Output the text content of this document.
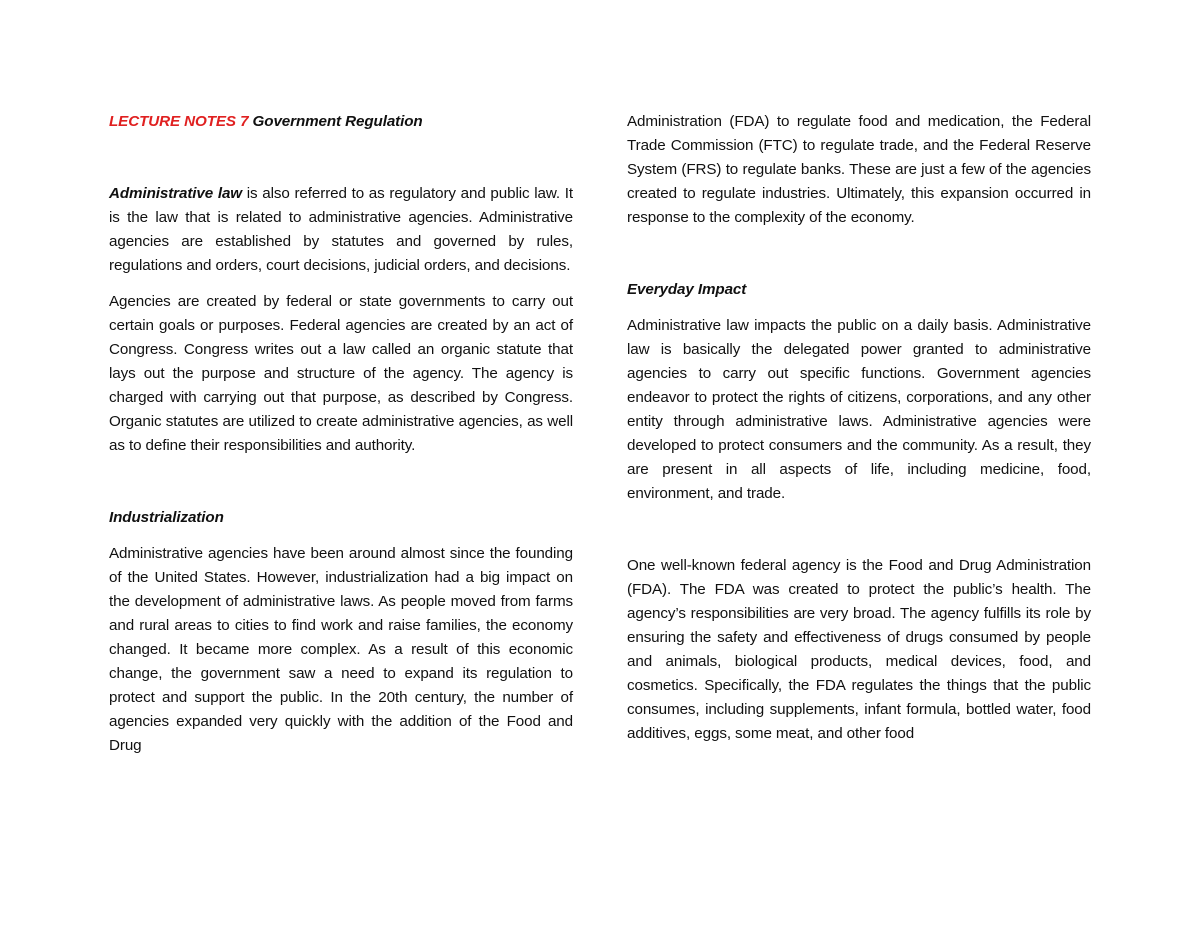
LECTURE NOTES 7 Government Regulation

Administrative law is also referred to as regulatory and public law. It is the law that is related to administrative agencies. Administrative agencies are established by statutes and governed by rules, regulations and orders, court decisions, judicial orders, and decisions.

Agencies are created by federal or state governments to carry out certain goals or purposes. Federal agencies are created by an act of Congress. Congress writes out a law called an organic statute that lays out the purpose and structure of the agency. The agency is charged with carrying out that purpose, as described by Congress. Organic statutes are utilized to create administrative agencies, as well as to define their responsibilities and authority.

Industrialization

Administrative agencies have been around almost since the founding of the United States. However, industrialization had a big impact on the development of administrative laws. As people moved from farms and rural areas to cities to find work and raise families, the economy changed. It became more complex. As a result of this economic change, the government saw a need to expand its regulation to protect and support the public. In the 20th century, the number of agencies expanded very quickly with the addition of the Food and Drug

Administration (FDA) to regulate food and medication, the Federal Trade Commission (FTC) to regulate trade, and the Federal Reserve System (FRS) to regulate banks. These are just a few of the agencies created to regulate industries. Ultimately, this expansion occurred in response to the complexity of the economy.

Everyday Impact

Administrative law impacts the public on a daily basis. Administrative law is basically the delegated power granted to administrative agencies to carry out specific functions. Government agencies endeavor to protect the rights of citizens, corporations, and any other entity through administrative laws. Administrative agencies were developed to protect consumers and the community. As a result, they are present in all aspects of life, including medicine, food, environment, and trade.

One well-known federal agency is the Food and Drug Administration (FDA). The FDA was created to protect the public’s health. The agency’s responsibilities are very broad. The agency fulfills its role by ensuring the safety and effectiveness of drugs consumed by people and animals, biological products, medical devices, food, and cosmetics. Specifically, the FDA regulates the things that the public consumes, including supplements, infant formula, bottled water, food additives, eggs, some meat, and other food
